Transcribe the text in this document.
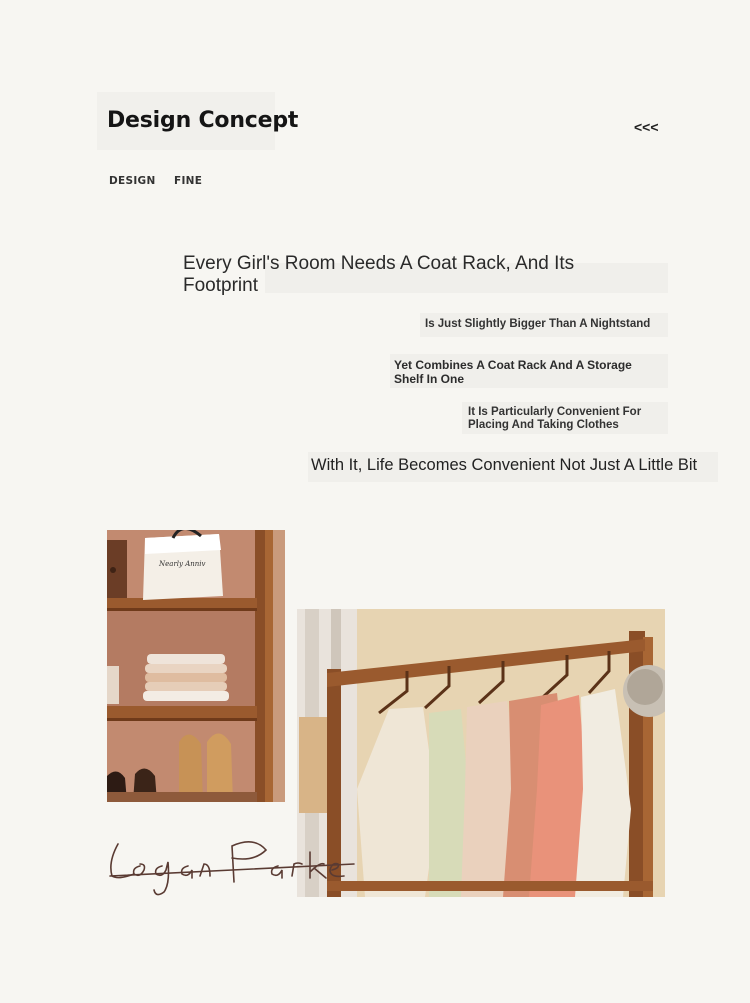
Design Concept	<<<
DESIGN FINE
Every Girl's Room Needs A Coat Rack, And Its Footprint
Is Just Slightly Bigger Than A Nightstand
Yet Combines A Coat Rack And A Storage Shelf In One
It Is Particularly Convenient For Placing And Taking Clothes
With It, Life Becomes Convenient Not Just A Little Bit
Nearly Anniv
